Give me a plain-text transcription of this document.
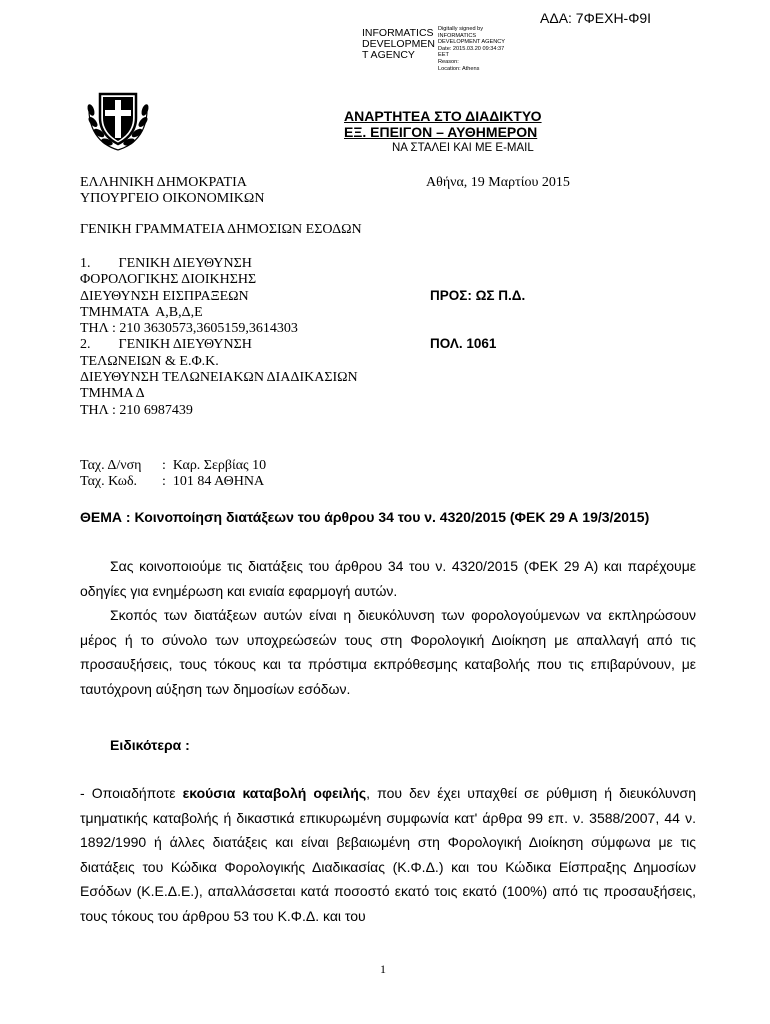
ΑΔΑ: 7ΦΕΧΗ-Φ9Ι
INFORMATICS
DEVELOPMEN
T AGENCY
Digitally signed by
INFORMATICS
DEVELOPMENT AGENCY
Date: 2015.03.20 09:34:37
EET
Reason:
Location: Athens
ΑΝΑΡΤΗΤΕΑ ΣΤΟ ΔΙΑΔΙΚΤΥΟ
ΕΞ. ΕΠΕΙΓΟΝ – ΑΥΘΗΜΕΡΟΝ
ΝΑ ΣΤΑΛΕΙ ΚΑΙ ΜΕ E-MAIL
ΕΛΛΗΝΙΚΗ ΔΗΜΟΚΡΑΤΙΑ
ΥΠΟΥΡΓΕΙΟ ΟΙΚΟΝΟΜΙΚΩΝ
Αθήνα, 19 Μαρτίου 2015
ΓΕΝΙΚΗ ΓΡΑΜΜΑΤΕΙΑ ΔΗΜΟΣΙΩΝ ΕΣΟΔΩΝ
1.        ΓΕΝΙΚΗ ΔΙΕΥΘΥΝΣΗ
ΦΟΡΟΛΟΓΙΚΗΣ ΔΙΟΙΚΗΣΗΣ
ΔΙΕΥΘΥΝΣΗ ΕΙΣΠΡΑΞΕΩΝ
ΤΜΗΜΑΤΑ  Α,Β,Δ,Ε
ΤΗΛ : 210 3630573,3605159,3614303
2.        ΓΕΝΙΚΗ ΔΙΕΥΘΥΝΣΗ
ΤΕΛΩΝΕΙΩΝ & Ε.Φ.Κ.
ΔΙΕΥΘΥΝΣΗ ΤΕΛΩΝΕΙΑΚΩΝ ΔΙΑΔΙΚΑΣΙΩΝ
ΤΜΗΜΑ Δ
ΤΗΛ : 210 6987439
ΠΡΟΣ: ΩΣ Π.Δ.
ΠΟΛ. 1061
Ταχ. Δ/νση :  Καρ. Σερβίας 10
Ταχ. Κωδ. :  101 84 ΑΘΗΝΑ
ΘΕΜΑ : Κοινοποίηση διατάξεων του άρθρου 34 του ν. 4320/2015 (ΦΕΚ 29 Α 19/3/2015)
Σας κοινοποιούμε τις διατάξεις του άρθρου 34 του ν. 4320/2015 (ΦΕΚ 29 Α) και παρέχουμε οδηγίες για ενημέρωση και ενιαία εφαρμογή αυτών.
Σκοπός των διατάξεων αυτών είναι η διευκόλυνση των φορολογούμενων να εκπληρώσουν μέρος ή το σύνολο των υποχρεώσεών τους στη Φορολογική Διοίκηση με απαλλαγή από τις προσαυξήσεις, τους τόκους και τα πρόστιμα εκπρόθεσμης καταβολής που τις επιβαρύνουν, με ταυτόχρονη αύξηση των δημοσίων εσόδων.
Ειδικότερα :
- Οποιαδήποτε εκούσια καταβολή οφειλής, που δεν έχει υπαχθεί σε ρύθμιση ή διευκόλυνση τμηματικής καταβολής ή δικαστικά επικυρωμένη συμφωνία κατ' άρθρα 99 επ. ν. 3588/2007, 44 ν. 1892/1990 ή άλλες διατάξεις και είναι βεβαιωμένη στη Φορολογική Διοίκηση σύμφωνα με τις διατάξεις του Κώδικα Φορολογικής Διαδικασίας (Κ.Φ.Δ.) και του Κώδικα Είσπραξης Δημοσίων Εσόδων (Κ.Ε.Δ.Ε.), απαλλάσσεται κατά ποσοστό εκατό τοις εκατό (100%) από τις προσαυξήσεις, τους τόκους του άρθρου 53 του Κ.Φ.Δ. και του
1
